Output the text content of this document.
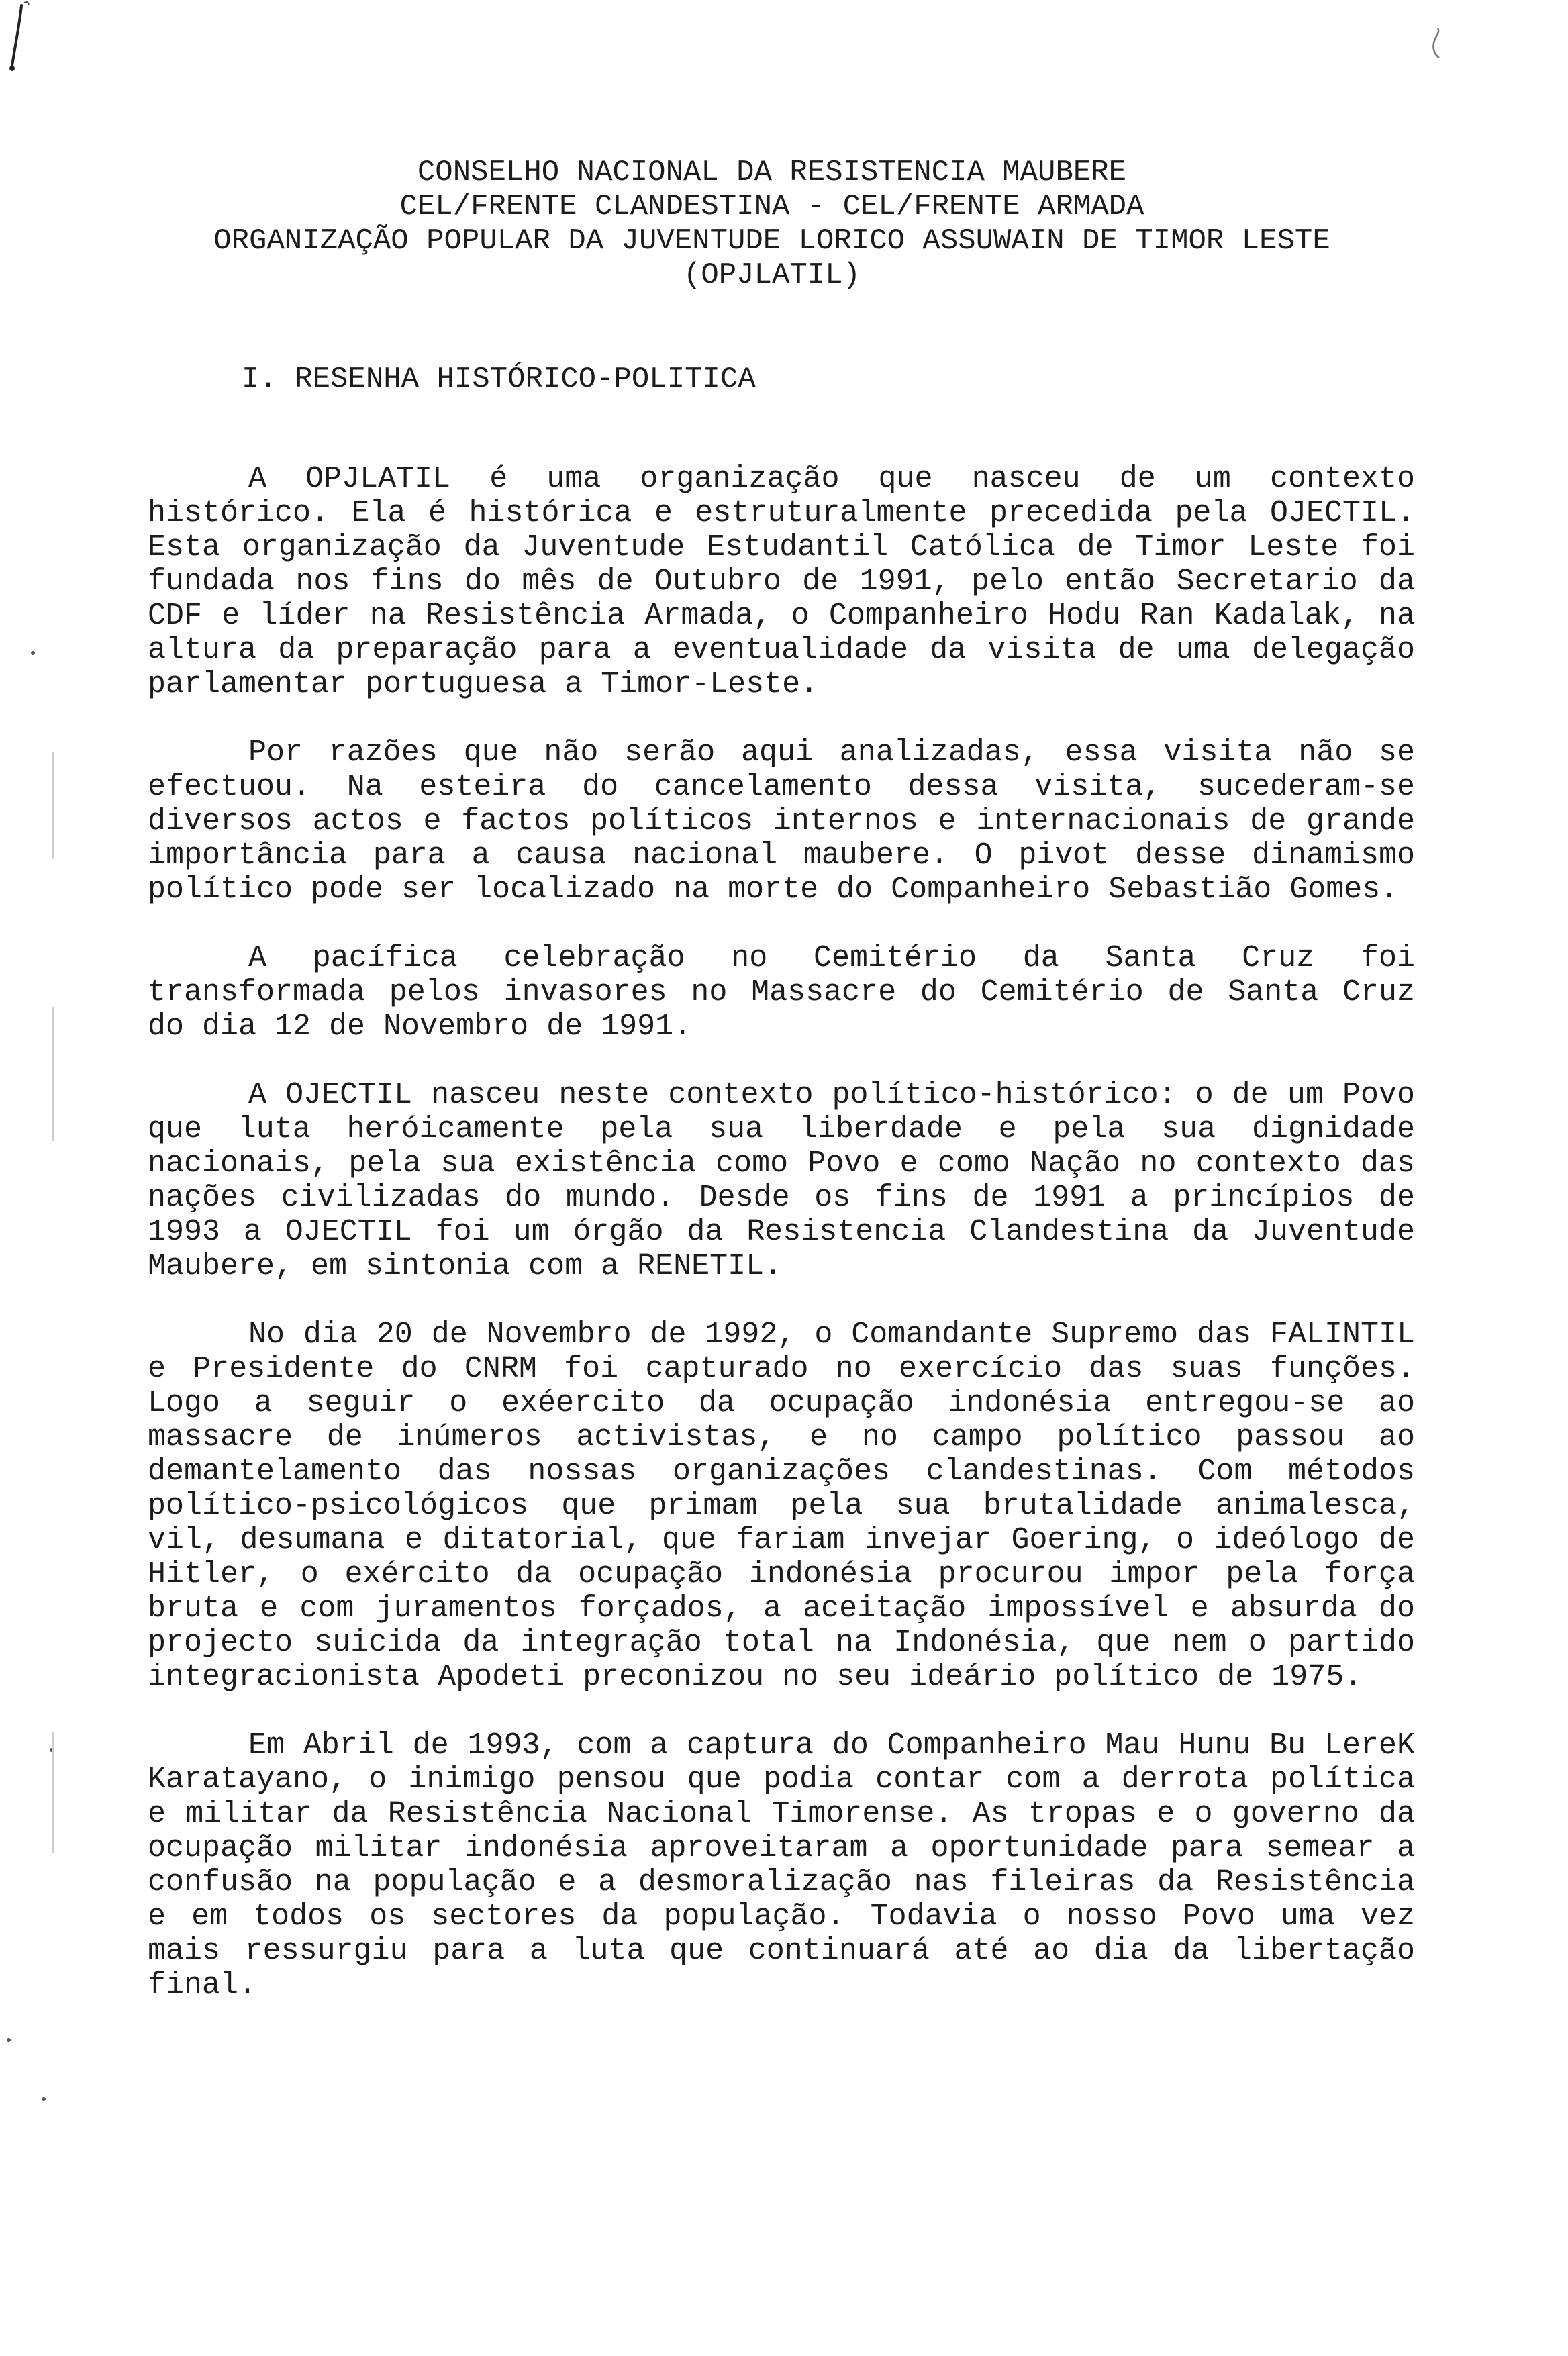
CONSELHO NACIONAL DA RESISTENCIA MAUBERE
CEL/FRENTE CLANDESTINA - CEL/FRENTE ARMADA
ORGANIZAÇÃO POPULAR DA JUVENTUDE LORICO ASSUWAIN DE TIMOR LESTE
(OPJLATIL)
I. RESENHA HISTÓRICO-POLITICA

A OPJLATIL é uma organização que nasceu de um contexto histórico. Ela é histórica e estruturalmente precedida pela OJECTIL. Esta organização da Juventude Estudantil Católica de Timor Leste foi fundada nos fins do mês de Outubro de 1991, pelo então Secretario da CDF e líder na Resistência Armada, o Companheiro Hodu Ran Kadalak, na altura da preparação para a eventualidade da visita de uma delegação parlamentar portuguesa a Timor-Leste.

Por razões que não serão aqui analizadas, essa visita não se efectuou. Na esteira do cancelamento dessa visita, sucederam-se diversos actos e factos políticos internos e internacionais de grande importância para a causa nacional maubere. O pivot desse dinamismo político pode ser localizado na morte do Companheiro Sebastião Gomes.

A pacífica celebração no Cemitério da Santa Cruz foi transformada pelos invasores no Massacre do Cemitério de Santa Cruz do dia 12 de Novembro de 1991.

A OJECTIL nasceu neste contexto político-histórico: o de um Povo que luta heróicamente pela sua liberdade e pela sua dignidade nacionais, pela sua existência como Povo e como Nação no contexto das nações civilizadas do mundo. Desde os fins de 1991 a princípios de 1993 a OJECTIL foi um órgão da Resistencia Clandestina da Juventude Maubere, em sintonia com a RENETIL.

No dia 20 de Novembro de 1992, o Comandante Supremo das FALINTIL e Presidente do CNRM foi capturado no exercício das suas funções. Logo a seguir o exéercito da ocupação indonésia entregou-se ao massacre de inúmeros activistas, e no campo político passou ao demantelamento das nossas organizações clandestinas. Com métodos político-psicológicos que primam pela sua brutalidade animalesca, vil, desumana e ditatorial, que fariam invejar Goering, o ideólogo de Hitler, o exército da ocupação indonésia procurou impor pela força bruta e com juramentos forçados, a aceitação impossível e absurda do projecto suicida da integração total na Indonésia, que nem o partido integracionista Apodeti preconizou no seu ideário político de 1975.

Em Abril de 1993, com a captura do Companheiro Mau Hunu Bu LereK Karatayano, o inimigo pensou que podia contar com a derrota política e militar da Resistência Nacional Timorense. As tropas e o governo da ocupação militar indonésia aproveitaram a oportunidade para semear a confusão na população e a desmoralização nas fileiras da Resistência e em todos os sectores da população. Todavia o nosso Povo uma vez mais ressurgiu para a luta que continuará até ao dia da libertação final.
